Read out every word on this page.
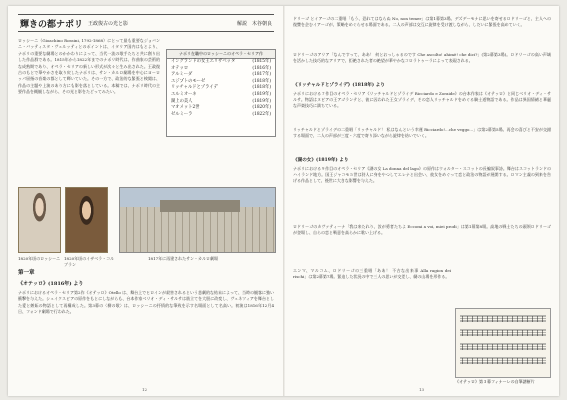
輝きの都ナポリ 王政復古の光と影	解説　木谷朝良
ロッシーニ（Gioachino Rossini, 1792-1868）にとって最も重要なジョバンニ・バッティスタ・ヴェルッティとのポイントは、イタリア国内はもとより、ナポリの重要な劇場とのかかわりによって、当代一流の歌手たちと共に創り出した作品群である。1815年から1822年までのナポリ時代は、作曲家の芸術的な成熟期であり、オペラ・セリアの新しい形式が次々と生み出された。王政復古のもとで華やかさを取り戻したナポリは、サン・カルロ劇場を中心にヨーロッパ屈指の音楽の都として輝いていた。その一方で、政治的な緊張と検閲は、作品の主題や上演のあり方にも影を落としている。本稿では、ナポリ時代の主要作品を概観しながら、その光と影をたどってみたい。
ナポリ在職中のロッシーニのオペラ・セリア作
イングランドの女王エリザベッタ	(1815年)
オテッロ	(1816年)
アルミーダ	(1817年)
エジプトのモーゼ	(1818年)
リッチャルドとゾライデ	(1818年)
エルミオーネ	(1819年)
湖上の美人	(1819年)
マオメット2世	(1820年)
ゼルミーラ	(1822年)
1820年頃のロッシーニ 1820年頃のイザベラ・コルブラン
1817年に再建されたサン・カルロ劇場
第一章
《オテッロ》(1816年) より
ナポリにおけるオペラ・セリア第2作《オテッロ》Otello は、舞台上でヒロインが殺害されるという悲劇的な結末によって、当時の観客に強い衝撃を与えた。シェイクスピアの原作をもとにしながらも、台本作家ベリオ・ディ・サルサは筋立てを大胆に改変し、ヴェネツィアを舞台とした愛と嫉妬の物語として再構成した。第3幕の〈柳の歌〉は、ロッシーニの抒情的な筆致を示す名場面として名高い。初演は1816年12月4日、フォンド劇場で行われた。
12
ドリーゴ とイアーゴの二重唱「もう、恐れてはならぬ No, non temer」は第1幕第3場。デズデーモナに思いを寄せるロドリーゴと、主人への復讐を企むイアーゴが、策略をめぐらせる場面である。二人の声部は交互に旋律を受け渡しながら、しだいに緊張を高めていく。
ロドリーゴのアリア「なんですって、ああ！ 何とおっしゃるのです Che ascolto! ahimè! che dici?」(第2幕第3場)。ロドリーゴの高い声域を活かした技巧的なアリアで、拒絶された者の絶望が華やかなコロラトゥーラによって表現される。
《リッチャルドとゾライデ》(1818年) より
ナポリにおける７作目のオペラ・セリア《リッチャルドとゾライデ Ricciardo e Zoraide》の台本作家は《オテッロ》と同じベリオ・ディ・サルサ。物語はヌビアの王アゴランテと、彼に囚われた王女ゾライデ、その恋人リッチャルドをめぐる騎士道物語である。作品は異国情緒と華麗な声楽技巧に満ちている。
リッチャルドとゾライデの二重唱「リッチャルド！ 私はなんという幸運 Ricciardo!...che veggo...」は第2幕第5場。再会の喜びと不安が交錯する場面で、二人の声部が三度・六度で寄り添いながら旋律を紡いでいく。
《湖の女》(1819年) より
ナポリにおける９作目のオペラ・セリア《湖の女 La donna del lago》の原作はウォルター・スコットの長編叙事詩。舞台はスコットランドのハイランド地方。国王ジャコモ５世は狩人に身をやつしてエレナと出会い、彼女をめぐって恋と政治の物語が展開する。ロマン主義の到来を告げる作品として、後世に大きな影響を与えた。
ロドリーゴのカヴァティーナ「我は来たれり、汝が勇者たちよ Eccomi a voi, miei prodi」は第1幕第8場。高地の戦士たちの頭領ロドリーゴが登場し、自らの恋と戦意を高らかに歌い上げる。
エンマ、マルコム、ロドリーゴの三重唱「ああ！ 不吉な出来事 Alla ragion dei rischi」は第2幕第7場。緊迫した状況の中で三人の思いが交差し、劇の山場を形作る。
《オテッロ》第３幕フィナーレの自筆譜断片
13
